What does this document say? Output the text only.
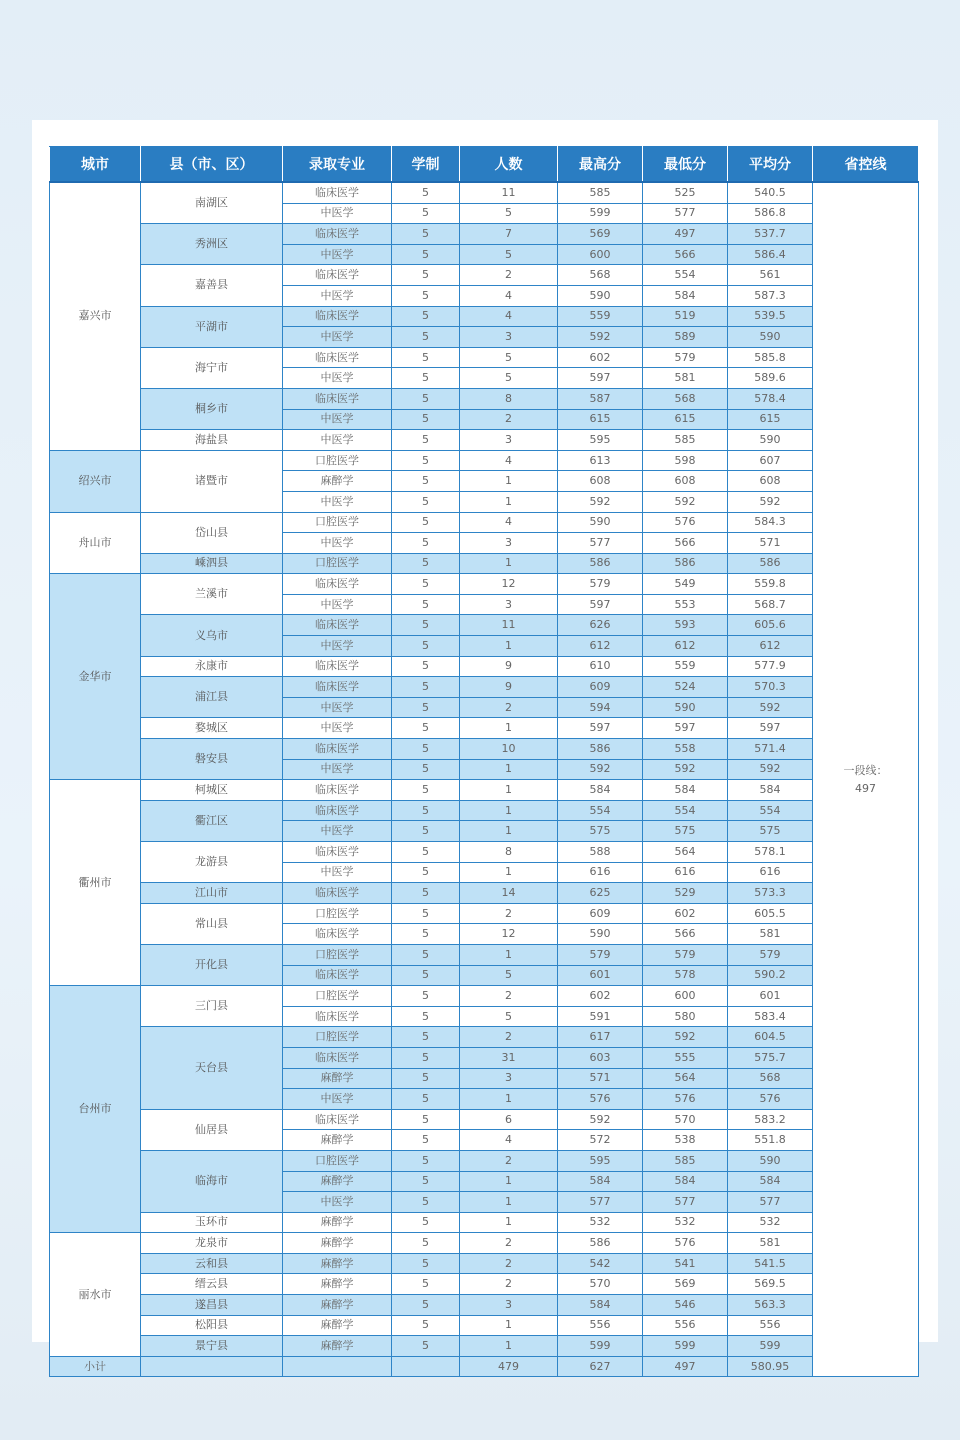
城市	县（市、区）	录取专业	学制	人数	最高分	最低分	平均分	省控线
嘉兴市	南湖区	临床医学	5	11	585	525	540.5	一段线：
497
		中医学	5	5	599	577	586.8	
	秀洲区	临床医学	5	7	569	497	537.7	
		中医学	5	5	600	566	586.4	
	嘉善县	临床医学	5	2	568	554	561	
		中医学	5	4	590	584	587.3	
	平湖市	临床医学	5	4	559	519	539.5	
		中医学	5	3	592	589	590	
	海宁市	临床医学	5	5	602	579	585.8	
		中医学	5	5	597	581	589.6	
	桐乡市	临床医学	5	8	587	568	578.4	
		中医学	5	2	615	615	615	
	海盐县	中医学	5	3	595	585	590	
绍兴市	诸暨市	口腔医学	5	4	613	598	607	
		麻醉学	5	1	608	608	608	
		中医学	5	1	592	592	592	
舟山市	岱山县	口腔医学	5	4	590	576	584.3	
		中医学	5	3	577	566	571	
	嵊泗县	口腔医学	5	1	586	586	586	
金华市	兰溪市	临床医学	5	12	579	549	559.8	
		中医学	5	3	597	553	568.7	
	义乌市	临床医学	5	11	626	593	605.6	
		中医学	5	1	612	612	612	
	永康市	临床医学	5	9	610	559	577.9	
	浦江县	临床医学	5	9	609	524	570.3	
		中医学	5	2	594	590	592	
	婺城区	中医学	5	1	597	597	597	
	磐安县	临床医学	5	10	586	558	571.4	
		中医学	5	1	592	592	592	
衢州市	柯城区	临床医学	5	1	584	584	584	
	衢江区	临床医学	5	1	554	554	554	
		中医学	5	1	575	575	575	
	龙游县	临床医学	5	8	588	564	578.1	
		中医学	5	1	616	616	616	
	江山市	临床医学	5	14	625	529	573.3	
	常山县	口腔医学	5	2	609	602	605.5	
		临床医学	5	12	590	566	581	
	开化县	口腔医学	5	1	579	579	579	
		临床医学	5	5	601	578	590.2	
台州市	三门县	口腔医学	5	2	602	600	601	
		临床医学	5	5	591	580	583.4	
	天台县	口腔医学	5	2	617	592	604.5	
		临床医学	5	31	603	555	575.7	
		麻醉学	5	3	571	564	568	
		中医学	5	1	576	576	576	
	仙居县	临床医学	5	6	592	570	583.2	
		麻醉学	5	4	572	538	551.8	
	临海市	口腔医学	5	2	595	585	590	
		麻醉学	5	1	584	584	584	
		中医学	5	1	577	577	577	
	玉环市	麻醉学	5	1	532	532	532	
丽水市	龙泉市	麻醉学	5	2	586	576	581	
	云和县	麻醉学	5	2	542	541	541.5	
	缙云县	麻醉学	5	2	570	569	569.5	
	遂昌县	麻醉学	5	3	584	546	563.3	
	松阳县	麻醉学	5	1	556	556	556	
	景宁县	麻醉学	5	1	599	599	599	
小计				479	627	497	580.95	
